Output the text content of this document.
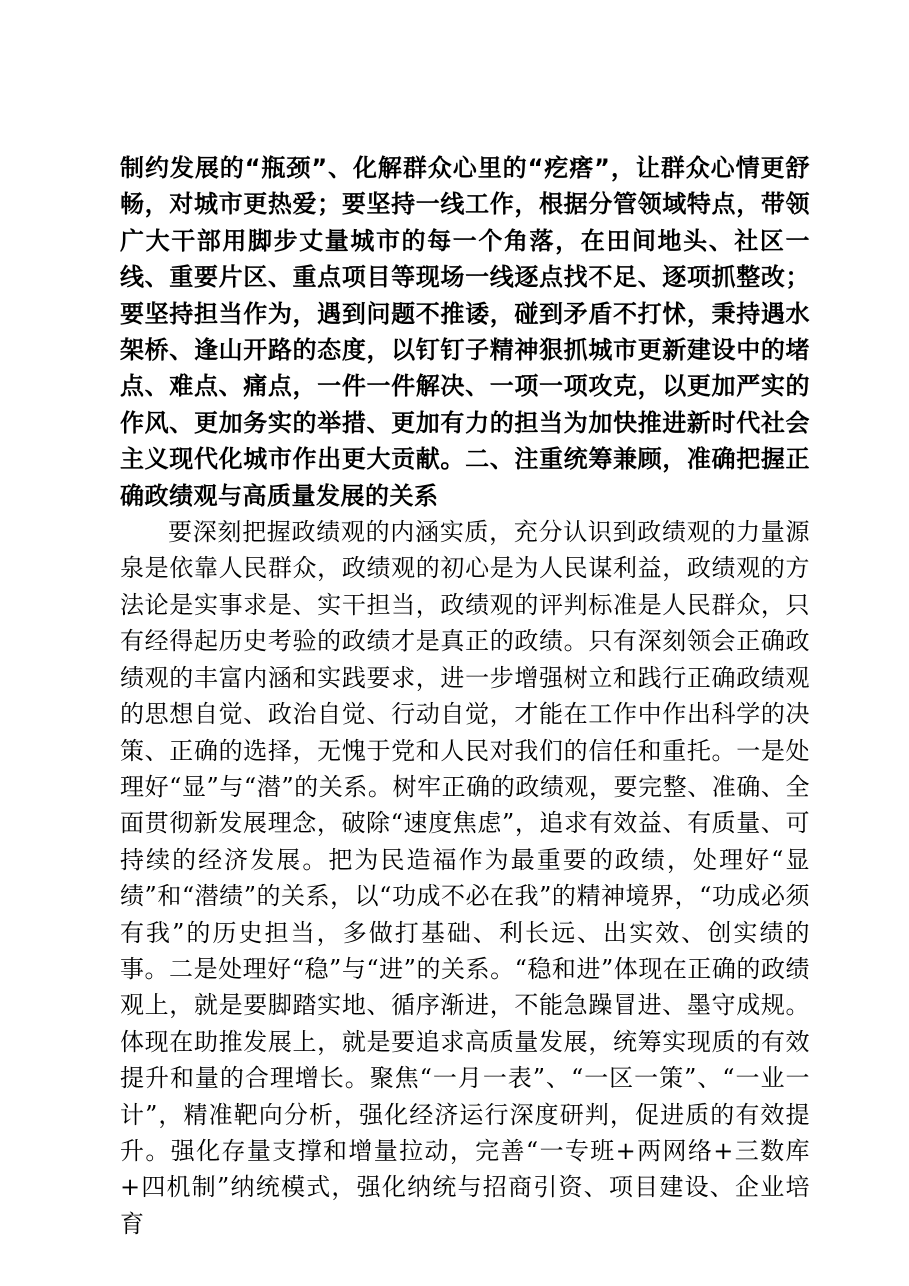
制约发展的“瓶颈”、化解群众心里的“疙瘩”，让群众心情更舒畅，对城市更热爱；要坚持一线工作，根据分管领域特点，带领广大干部用脚步丈量城市的每一个角落，在田间地头、社区一线、重要片区、重点项目等现场一线逐点找不足、逐项抓整改；要坚持担当作为，遇到问题不推诿，碰到矛盾不打怵，秉持遇水架桥、逢山开路的态度，以钉钉子精神狠抓城市更新建设中的堵点、难点、痛点，一件一件解决、一项一项攻克，以更加严实的作风、更加务实的举措、更加有力的担当为加快推进新时代社会主义现代化城市作出更大贡献。二、注重统筹兼顾，准确把握正确政绩观与高质量发展的关系

要深刻把握政绩观的内涵实质，充分认识到政绩观的力量源泉是依靠人民群众，政绩观的初心是为人民谋利益，政绩观的方法论是实事求是、实干担当，政绩观的评判标准是人民群众，只有经得起历史考验的政绩才是真正的政绩。只有深刻领会正确政绩观的丰富内涵和实践要求，进一步增强树立和践行正确政绩观的思想自觉、政治自觉、行动自觉，才能在工作中作出科学的决策、正确的选择，无愧于党和人民对我们的信任和重托。一是处理好“显”与“潜”的关系。树牢正确的政绩观，要完整、准确、全面贯彻新发展理念，破除“速度焦虑”，追求有效益、有质量、可持续的经济发展。把为民造福作为最重要的政绩，处理好“显绩”和“潜绩”的关系，以“功成不必在我”的精神境界，“功成必须有我”的历史担当，多做打基础、利长远、出实效、创实绩的事。二是处理好“稳”与“进”的关系。“稳和进”体现在正确的政绩观上，就是要脚踏实地、循序渐进，不能急躁冒进、墨守成规。体现在助推发展上，就是要追求高质量发展，统筹实现质的有效提升和量的合理增长。聚焦“一月一表”、“一区一策”、“一业一计”，精准靶向分析，强化经济运行深度研判，促进质的有效提升。强化存量支撑和增量拉动，完善“一专班+两网络+三数库+四机制”纳统模式，强化纳统与招商引资、项目建设、企业培育
